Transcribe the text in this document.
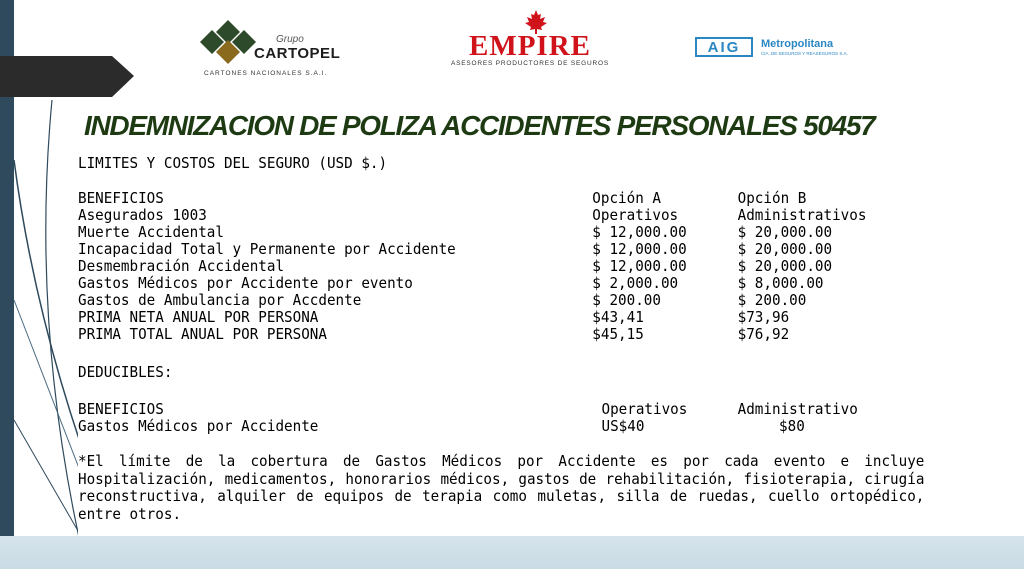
Grupo
CARTOPEL
CARTONES NACIONALES S.A.I.
EMPIRE
ASESORES PRODUCTORES DE SEGUROS
AIG	Metropolitana
CIA. DE SEGUROS Y REASEGUROS S.A.
INDEMNIZACION DE POLIZA ACCIDENTES PERSONALES 50457
LIMITES Y COSTOS DEL SEGURO (USD $.)
BENEFICIOS	Opción A	Opción B
Asegurados 1003	Operativos	Administrativos
Muerte Accidental	$ 12,000.00	$ 20,000.00
Incapacidad Total y Permanente por Accidente	$ 12,000.00	$ 20,000.00
Desmembración Accidental	$ 12,000.00	$ 20,000.00
Gastos Médicos por Accidente por evento	$ 2,000.00	$ 8,000.00
Gastos de Ambulancia por Accdente	$ 200.00	$ 200.00
PRIMA NETA ANUAL POR PERSONA	$43,41	$73,96
PRIMA TOTAL ANUAL POR PERSONA	$45,15	$76,92
DEDUCIBLES:
BENEFICIOS	Operativos	Administrativo
Gastos Médicos por Accidente	US$40	$80
*El límite de la cobertura de Gastos Médicos por Accidente es por cada evento e incluye Hospitalización, medicamentos, honorarios médicos, gastos de rehabilitación, fisioterapia, cirugía reconstructiva, alquiler de equipos de terapia como muletas, silla de ruedas, cuello ortopédico, entre otros.
